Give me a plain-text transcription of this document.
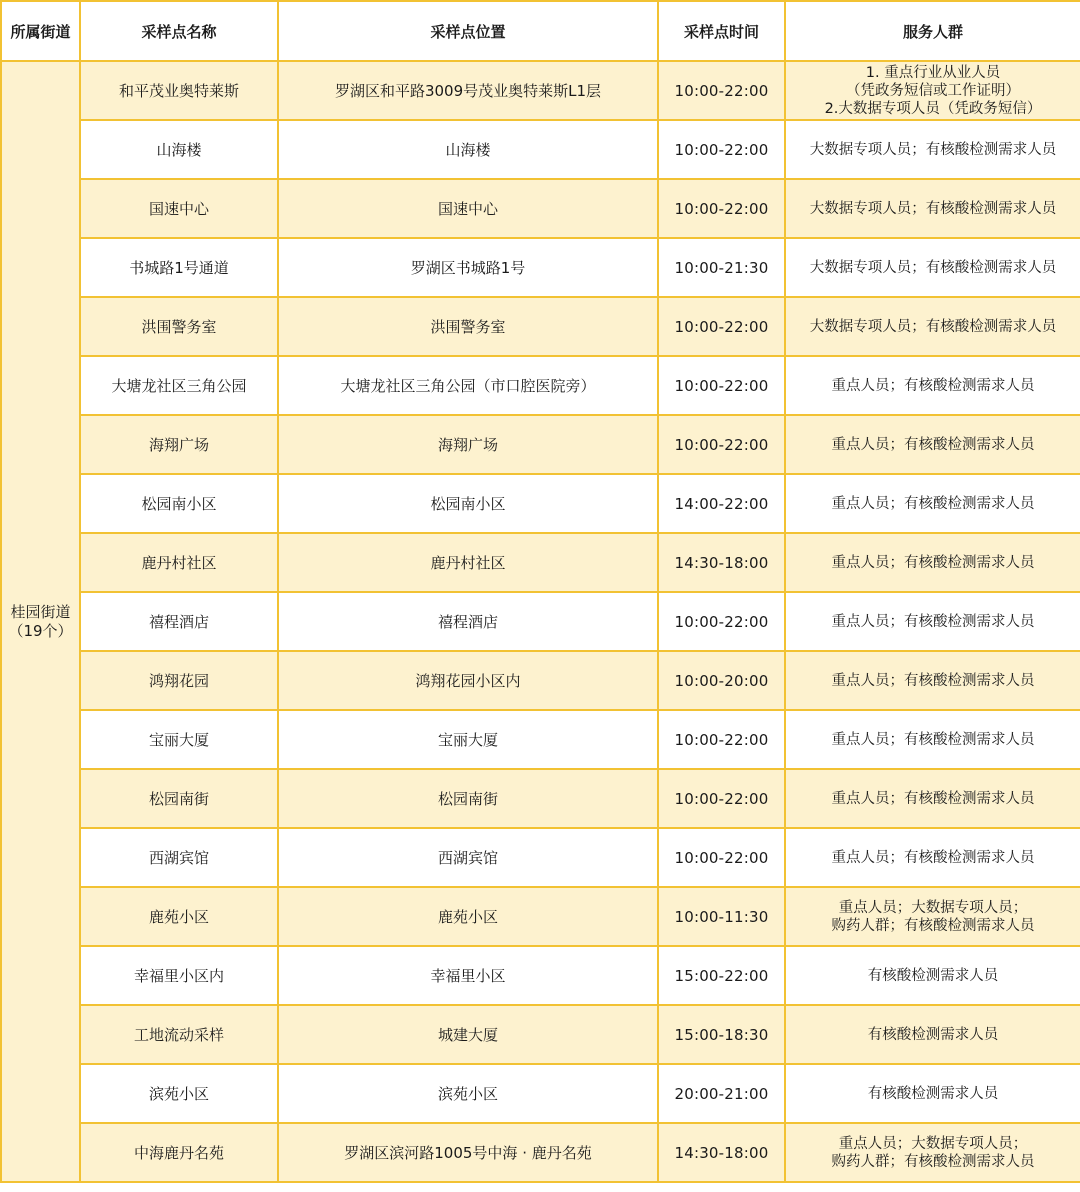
所属街道	采样点名称	采样点位置	采样点时间	服务人群
桂园街道
（19个）	和平茂业奥特莱斯	罗湖区和平路3009号茂业奥特莱斯L1层	10:00-22:00	1. 重点行业从业人员
（凭政务短信或工作证明）
2.大数据专项人员（凭政务短信）
	山海楼	山海楼	10:00-22:00	大数据专项人员；有核酸检测需求人员
	国速中心	国速中心	10:00-22:00	大数据专项人员；有核酸检测需求人员
	书城路1号通道	罗湖区书城路1号	10:00-21:30	大数据专项人员；有核酸检测需求人员
	洪围警务室	洪围警务室	10:00-22:00	大数据专项人员；有核酸检测需求人员
	大塘龙社区三角公园	大塘龙社区三角公园（市口腔医院旁）	10:00-22:00	重点人员；有核酸检测需求人员
	海翔广场	海翔广场	10:00-22:00	重点人员；有核酸检测需求人员
	松园南小区	松园南小区	14:00-22:00	重点人员；有核酸检测需求人员
	鹿丹村社区	鹿丹村社区	14:30-18:00	重点人员；有核酸检测需求人员
	禧程酒店	禧程酒店	10:00-22:00	重点人员；有核酸检测需求人员
	鸿翔花园	鸿翔花园小区内	10:00-20:00	重点人员；有核酸检测需求人员
	宝丽大厦	宝丽大厦	10:00-22:00	重点人员；有核酸检测需求人员
	松园南街	松园南街	10:00-22:00	重点人员；有核酸检测需求人员
	西湖宾馆	西湖宾馆	10:00-22:00	重点人员；有核酸检测需求人员
	鹿苑小区	鹿苑小区	10:00-11:30	重点人员；大数据专项人员；
购药人群；有核酸检测需求人员
	幸福里小区内	幸福里小区	15:00-22:00	有核酸检测需求人员
	工地流动采样	城建大厦	15:00-18:30	有核酸检测需求人员
	滨苑小区	滨苑小区	20:00-21:00	有核酸检测需求人员
	中海鹿丹名苑	罗湖区滨河路1005号中海 · 鹿丹名苑	14:30-18:00	重点人员；大数据专项人员；
购药人群；有核酸检测需求人员
